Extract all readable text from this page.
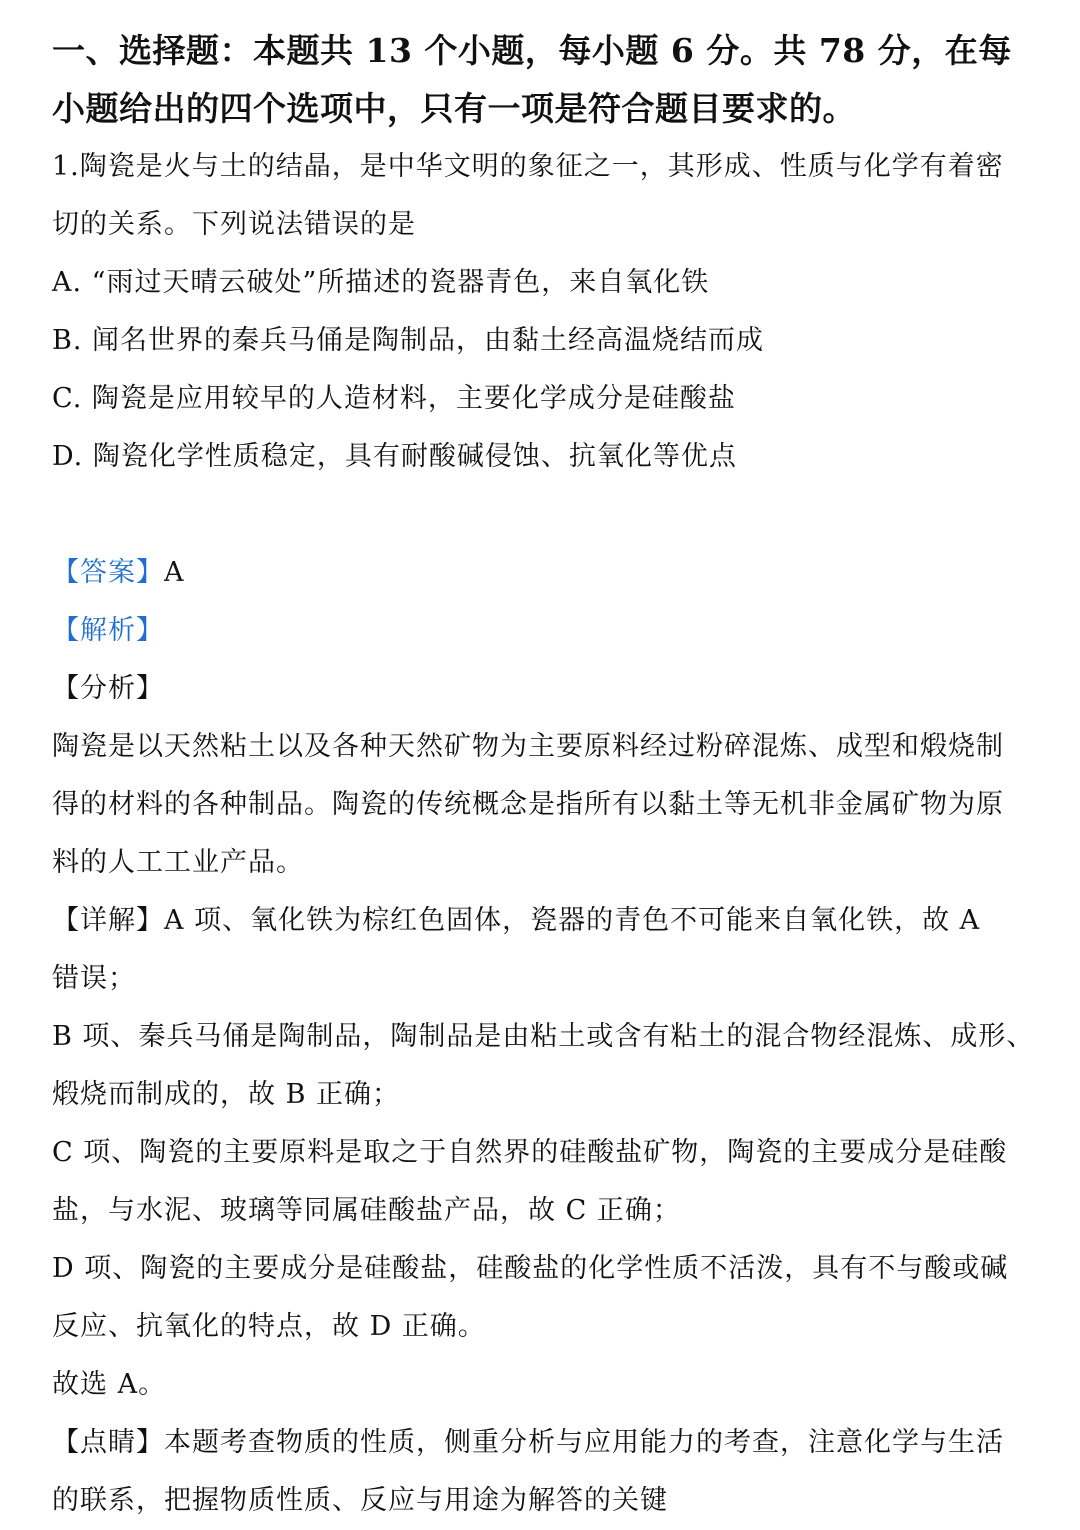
一、选择题：本题共 13 个小题，每小题 6 分。共 78 分，在每
小题给出的四个选项中，只有一项是符合题目要求的。
1.陶瓷是火与土的结晶，是中华文明的象征之一，其形成、性质与化学有着密
切的关系。下列说法错误的是
A. “雨过天晴云破处”所描述的瓷器青色，来自氧化铁
B. 闻名世界的秦兵马俑是陶制品，由黏土经高温烧结而成
C. 陶瓷是应用较早的人造材料，主要化学成分是硅酸盐
D. 陶瓷化学性质稳定，具有耐酸碱侵蚀、抗氧化等优点
【答案】A
【解析】
【分析】
陶瓷是以天然粘土以及各种天然矿物为主要原料经过粉碎混炼、成型和煅烧制
得的材料的各种制品。陶瓷的传统概念是指所有以黏土等无机非金属矿物为原
料的人工工业产品。
【详解】A 项、氧化铁为棕红色固体，瓷器的青色不可能来自氧化铁，故 A
错误；
B 项、秦兵马俑是陶制品，陶制品是由粘土或含有粘土的混合物经混炼、成形、
煅烧而制成的，故 B 正确；
C 项、陶瓷的主要原料是取之于自然界的硅酸盐矿物，陶瓷的主要成分是硅酸
盐，与水泥、玻璃等同属硅酸盐产品，故 C 正确；
D 项、陶瓷的主要成分是硅酸盐，硅酸盐的化学性质不活泼，具有不与酸或碱
反应、抗氧化的特点，故 D 正确。
故选 A。
【点睛】本题考查物质的性质，侧重分析与应用能力的考查，注意化学与生活
的联系，把握物质性质、反应与用途为解答的关键
